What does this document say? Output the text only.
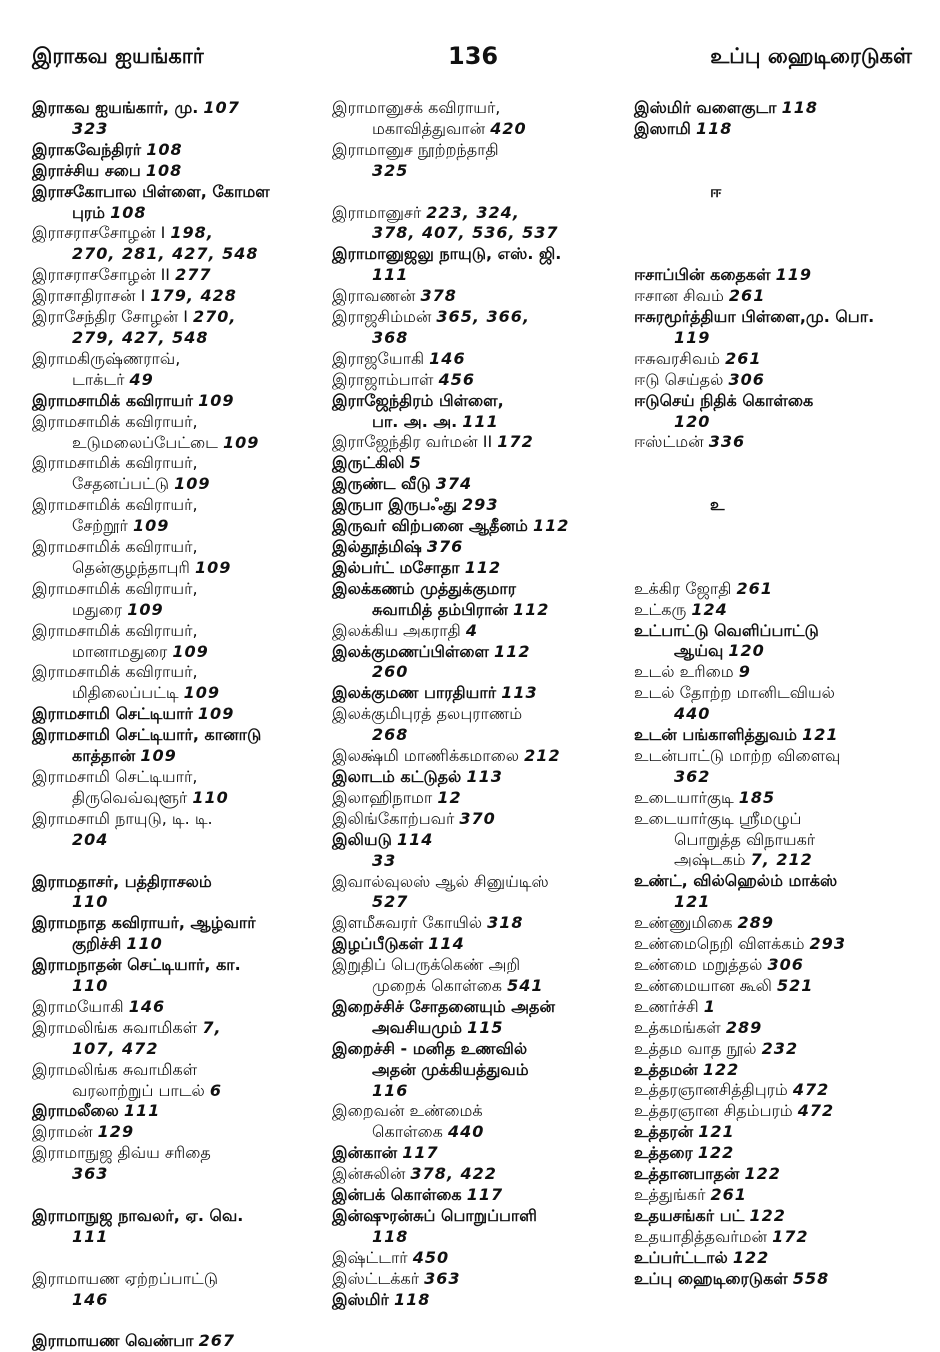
இராகவ ஐயங்கார்	136	உப்பு ஹைடிரைடுகள்
இராகவ ஐயங்கார், மு. 107
323
இராகவேந்திரர் 108
இராச்சிய சபை 108
இராசகோபால பிள்ளை, கோமள
புரம் 108
இராசராசசோழன் I 198,
270, 281, 427, 548
இராசராசசோழன் II 277
இராசாதிராசன் I 179, 428
இராசேந்திர சோழன் I 270,
279, 427, 548
இராமகிருஷ்ணராவ்,
டாக்டர் 49
இராமசாமிக் கவிராயர் 109
இராமசாமிக் கவிராயர்,
உடுமலைப்பேட்டை 109
இராமசாமிக் கவிராயர்,
சேதனப்பட்டு 109
இராமசாமிக் கவிராயர்,
சேற்றூர் 109
இராமசாமிக் கவிராயர்,
தென்குழந்தாபுரி 109
இராமசாமிக் கவிராயர்,
மதுரை 109
இராமசாமிக் கவிராயர்,
மானாமதுரை 109
இராமசாமிக் கவிராயர்,
மிதிலைப்பட்டி 109
இராமசாமி செட்டியார் 109
இராமசாமி செட்டியார், கானாடு
காத்தான் 109
இராமசாமி செட்டியார்,
திருவெவ்வுளூர் 110
இராமசாமி நாயுடு, டி. டி.
204
இராமதாசர், பத்திராசலம்
110
இராமநாத கவிராயர், ஆழ்வார்
குறிச்சி 110
இராமநாதன் செட்டியார், கா.
110
இராமயோகி 146
இராமலிங்க சுவாமிகள் 7,
107, 472
இராமலிங்க சுவாமிகள்
வரலாற்றுப் பாடல் 6
இராமலீலை 111
இராமன் 129
இராமாநுஜ திவ்ய சரிதை
363
இராமாநுஜ நாவலர், ஏ. வெ.
111
இராமாயண ஏற்றப்பாட்டு
146
இராமாயண வெண்பா 267
இராமானுசக் கவிராயர்,
மகாவித்துவான் 420
இராமானுச நூற்றந்தாதி
325
இராமானுசர் 223, 324,
378, 407, 536, 537
இராமானுஜலு நாயுடு, எஸ். ஜி.
111
இராவணன் 378
இராஜசிம்மன் 365, 366,
368
இராஜயோகி 146
இராஜாம்பாள் 456
இராஜேந்திரம் பிள்ளை,
பா. அ. அ. 111
இராஜேந்திர வர்மன் II 172
இருட்கிலி 5
இருண்ட வீடு 374
இருபா இருபஃது 293
இருவர் விற்பனை ஆதீனம் 112
இல்தூத்மிஷ் 376
இல்பர்ட் மசோதா 112
இலக்கணம் முத்துக்குமார
சுவாமித் தம்பிரான் 112
இலக்கிய அகராதி 4
இலக்குமணப்பிள்ளை 112
260
இலக்குமண பாரதியார் 113
இலக்குமிபுரத் தலபுராணம்
268
இலக்ஷ்மி மாணிக்கமாலை 212
இலாடம் கட்டுதல் 113
இலாஹிநாமா 12
இலிங்கோற்பவர் 370
இலியடு 114
33
இவால்வுலஸ் ஆல் சினுய்டிஸ்
527
இளமீசுவரர் கோயில் 318
இழப்பீடுகள் 114
இறுதிப் பெருக்கெண் அறி
முறைக் கொள்கை 541
இறைச்சிச் சோதனையும் அதன்
அவசியமும் 115
இறைச்சி - மனித உணவில்
அதன் முக்கியத்துவம்
116
இறைவன் உண்மைக்
கொள்கை 440
இன்கான் 117
இன்சுலின் 378, 422
இன்பக் கொள்கை 117
இன்ஷுரன்சுப் பொறுப்பாளி
118
இஷ்ட்டார் 450
இஸ்ட்டக்கர் 363
இஸ்மிர் 118
இஸ்மிர் வளைகுடா 118
இஸாமி 118
ஈ
ஈசாப்பின் கதைகள் 119
ஈசான சிவம் 261
ஈசுரமூர்த்தியா பிள்ளை,மு. பொ.
119
ஈசுவரசிவம் 261
ஈடு செய்தல் 306
ஈடுசெய் நிதிக் கொள்கை
120
ஈஸ்ட்மன் 336
உ
உக்கிர ஜோதி 261
உட்கரு 124
உட்பாட்டு வெளிப்பாட்டு
ஆய்வு 120
உடல் உரிமை 9
உடல் தோற்ற மானிடவியல்
440
உடன் பங்காளித்துவம் 121
உடன்பாட்டு மாற்ற விளைவு
362
உடையார்குடி 185
உடையார்குடி ஸ்ரீமழுப்
பொறுத்த விநாயகர்
அஷ்டகம் 7, 212
உண்ட், வில்ஹெல்ம் மாக்ஸ்
121
உண்ணுமிகை 289
உண்மைநெறி விளக்கம் 293
உண்மை மறுத்தல் 306
உண்மையான கூலி 521
உணர்ச்சி 1
உத்கமங்கள் 289
உத்தம வாத நூல் 232
உத்தமன் 122
உத்தரஞானசித்திபுரம் 472
உத்தரஞான சிதம்பரம் 472
உத்தரன் 121
உத்தரை 122
உத்தானபாதன் 122
உத்துங்கர் 261
உதயசங்கர் பட் 122
உதயாதித்தவர்மன் 172
உப்பர்ட்டால் 122
உப்பு ஹைடிரைடுகள் 558
